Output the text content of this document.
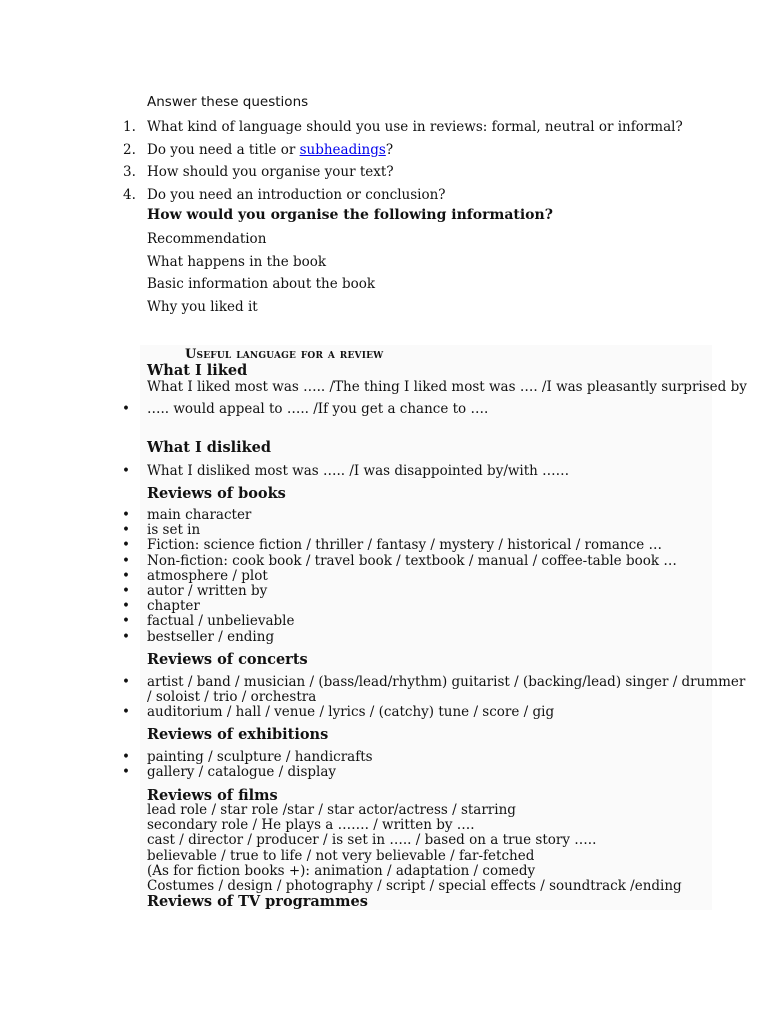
Answer these questions
1. What kind of language should you use in reviews: formal, neutral or informal?
2. Do you need a title or subheadings?
3. How should you organise your text?
4. Do you need an introduction or conclusion?
How would you organise the following information?
Recommendation
What happens in the book
Basic information about the book
Why you liked it
Useful language for a review
What I liked
What I liked most was ….. /The thing I liked most was …. /I was pleasantly surprised by
• ….. would appeal to ….. /If you get a chance to ….
What I disliked
• What I disliked most was ….. /I was disappointed by/with ……
Reviews of books
•
•
•
•
•
•
•
•
•
main character
is set in
Fiction: science fiction / thriller / fantasy / mystery / historical / romance …
Non-fiction: cook book / travel book / textbook / manual / coffee-table book …
atmosphere / plot
autor / written by
chapter
factual / unbelievable
bestseller / ending
Reviews of concerts
•
•
artist / band / musician / (bass/lead/rhythm) guitarist / (backing/lead) singer / drummer
/ soloist / trio / orchestra
auditorium / hall / venue / lyrics / (catchy) tune / score / gig
Reviews of exhibitions
•
•
painting / sculpture / handicrafts
gallery / catalogue / display
Reviews of films
lead role / star role /star / star actor/actress / starring
secondary role / He plays a ……. / written by ….
cast / director / producer / is set in ….. / based on a true story …..
believable / true to life / not very believable / far-fetched
(As for fiction books +): animation / adaptation / comedy
Costumes / design / photography / script / special effects / soundtrack /ending
Reviews of TV programmes
